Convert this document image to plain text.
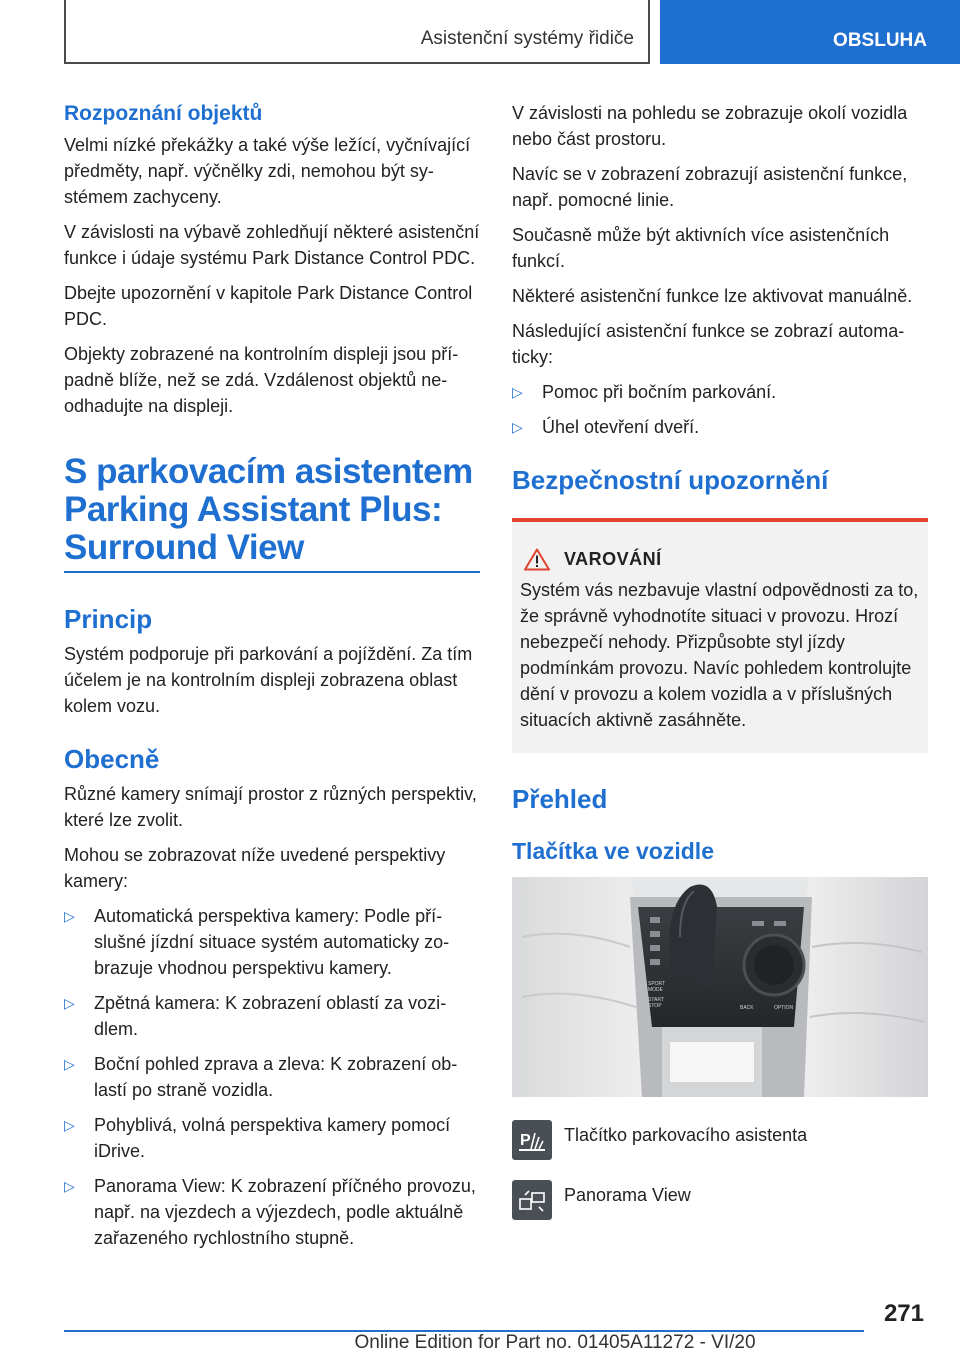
Asistenční systémy řidiče	OBSLUHA
Rozpoznání objektů

Velmi nízké překážky a také výše ležící, vyčnívající předměty, např. výčnělky zdi, nemohou být systémem zachyceny.

V závislosti na výbavě zohledňují některé asistenční funkce i údaje systému Park Distance Control PDC.

Dbejte upozornění v kapitole Park Distance Control PDC.

Objekty zobrazené na kontrolním displeji jsou případně blíže, než se zdá. Vzdálenost objektů neodhadujte na displeji.

S parkovacím asistentem Parking Assistant Plus: Surround View
Princip

Systém podporuje při parkování a pojíždění. Za tím účelem je na kontrolním displeji zobrazena oblast kolem vozu.

Obecně

Různé kamery snímají prostor z různých perspektiv, které lze zvolit.

Mohou se zobrazovat níže uvedené perspektivy kamery:

▷ Automatická perspektiva kamery: Podle příslušné jízdní situace systém automaticky zobrazuje vhodnou perspektivu kamery.
▷ Zpětná kamera: K zobrazení oblastí za vozidlem.
▷ Boční pohled zprava a zleva: K zobrazení oblastí po straně vozidla.
▷ Pohyblivá, volná perspektiva kamery pomocí iDrive.
▷ Panorama View: K zobrazení příčného provozu, např. na vjezdech a výjezdech, podle aktuálně zařazeného rychlostního stupně.

V závislosti na pohledu se zobrazuje okolí vozidla nebo část prostoru.

Navíc se v zobrazení zobrazují asistenční funkce, např. pomocné linie.

Současně může být aktivních více asistenčních funkcí.

Některé asistenční funkce lze aktivovat manuálně.

Následující asistenční funkce se zobrazí automaticky:

▷ Pomoc při bočním parkování.
▷ Úhel otevření dveří.
Bezpečnostní upozornění
VAROVÁNÍ

Systém vás nezbavuje vlastní odpovědnosti za to, že správně vyhodnotíte situaci v provozu. Hrozí nebezpečí nehody. Přizpůsobte styl jízdy podmínkám provozu. Navíc pohledem kontrolujte dění v provozu a kolem vozidla a v příslušných situacích aktivně zasáhněte.

Přehled
Tlačítka ve vozidle
SPORT
MODE
START
STOP	BACK	OPTION
P Tlačítko parkovacího asistenta

Panorama View

271
Online Edition for Part no. 01405A11272 - VI/20
